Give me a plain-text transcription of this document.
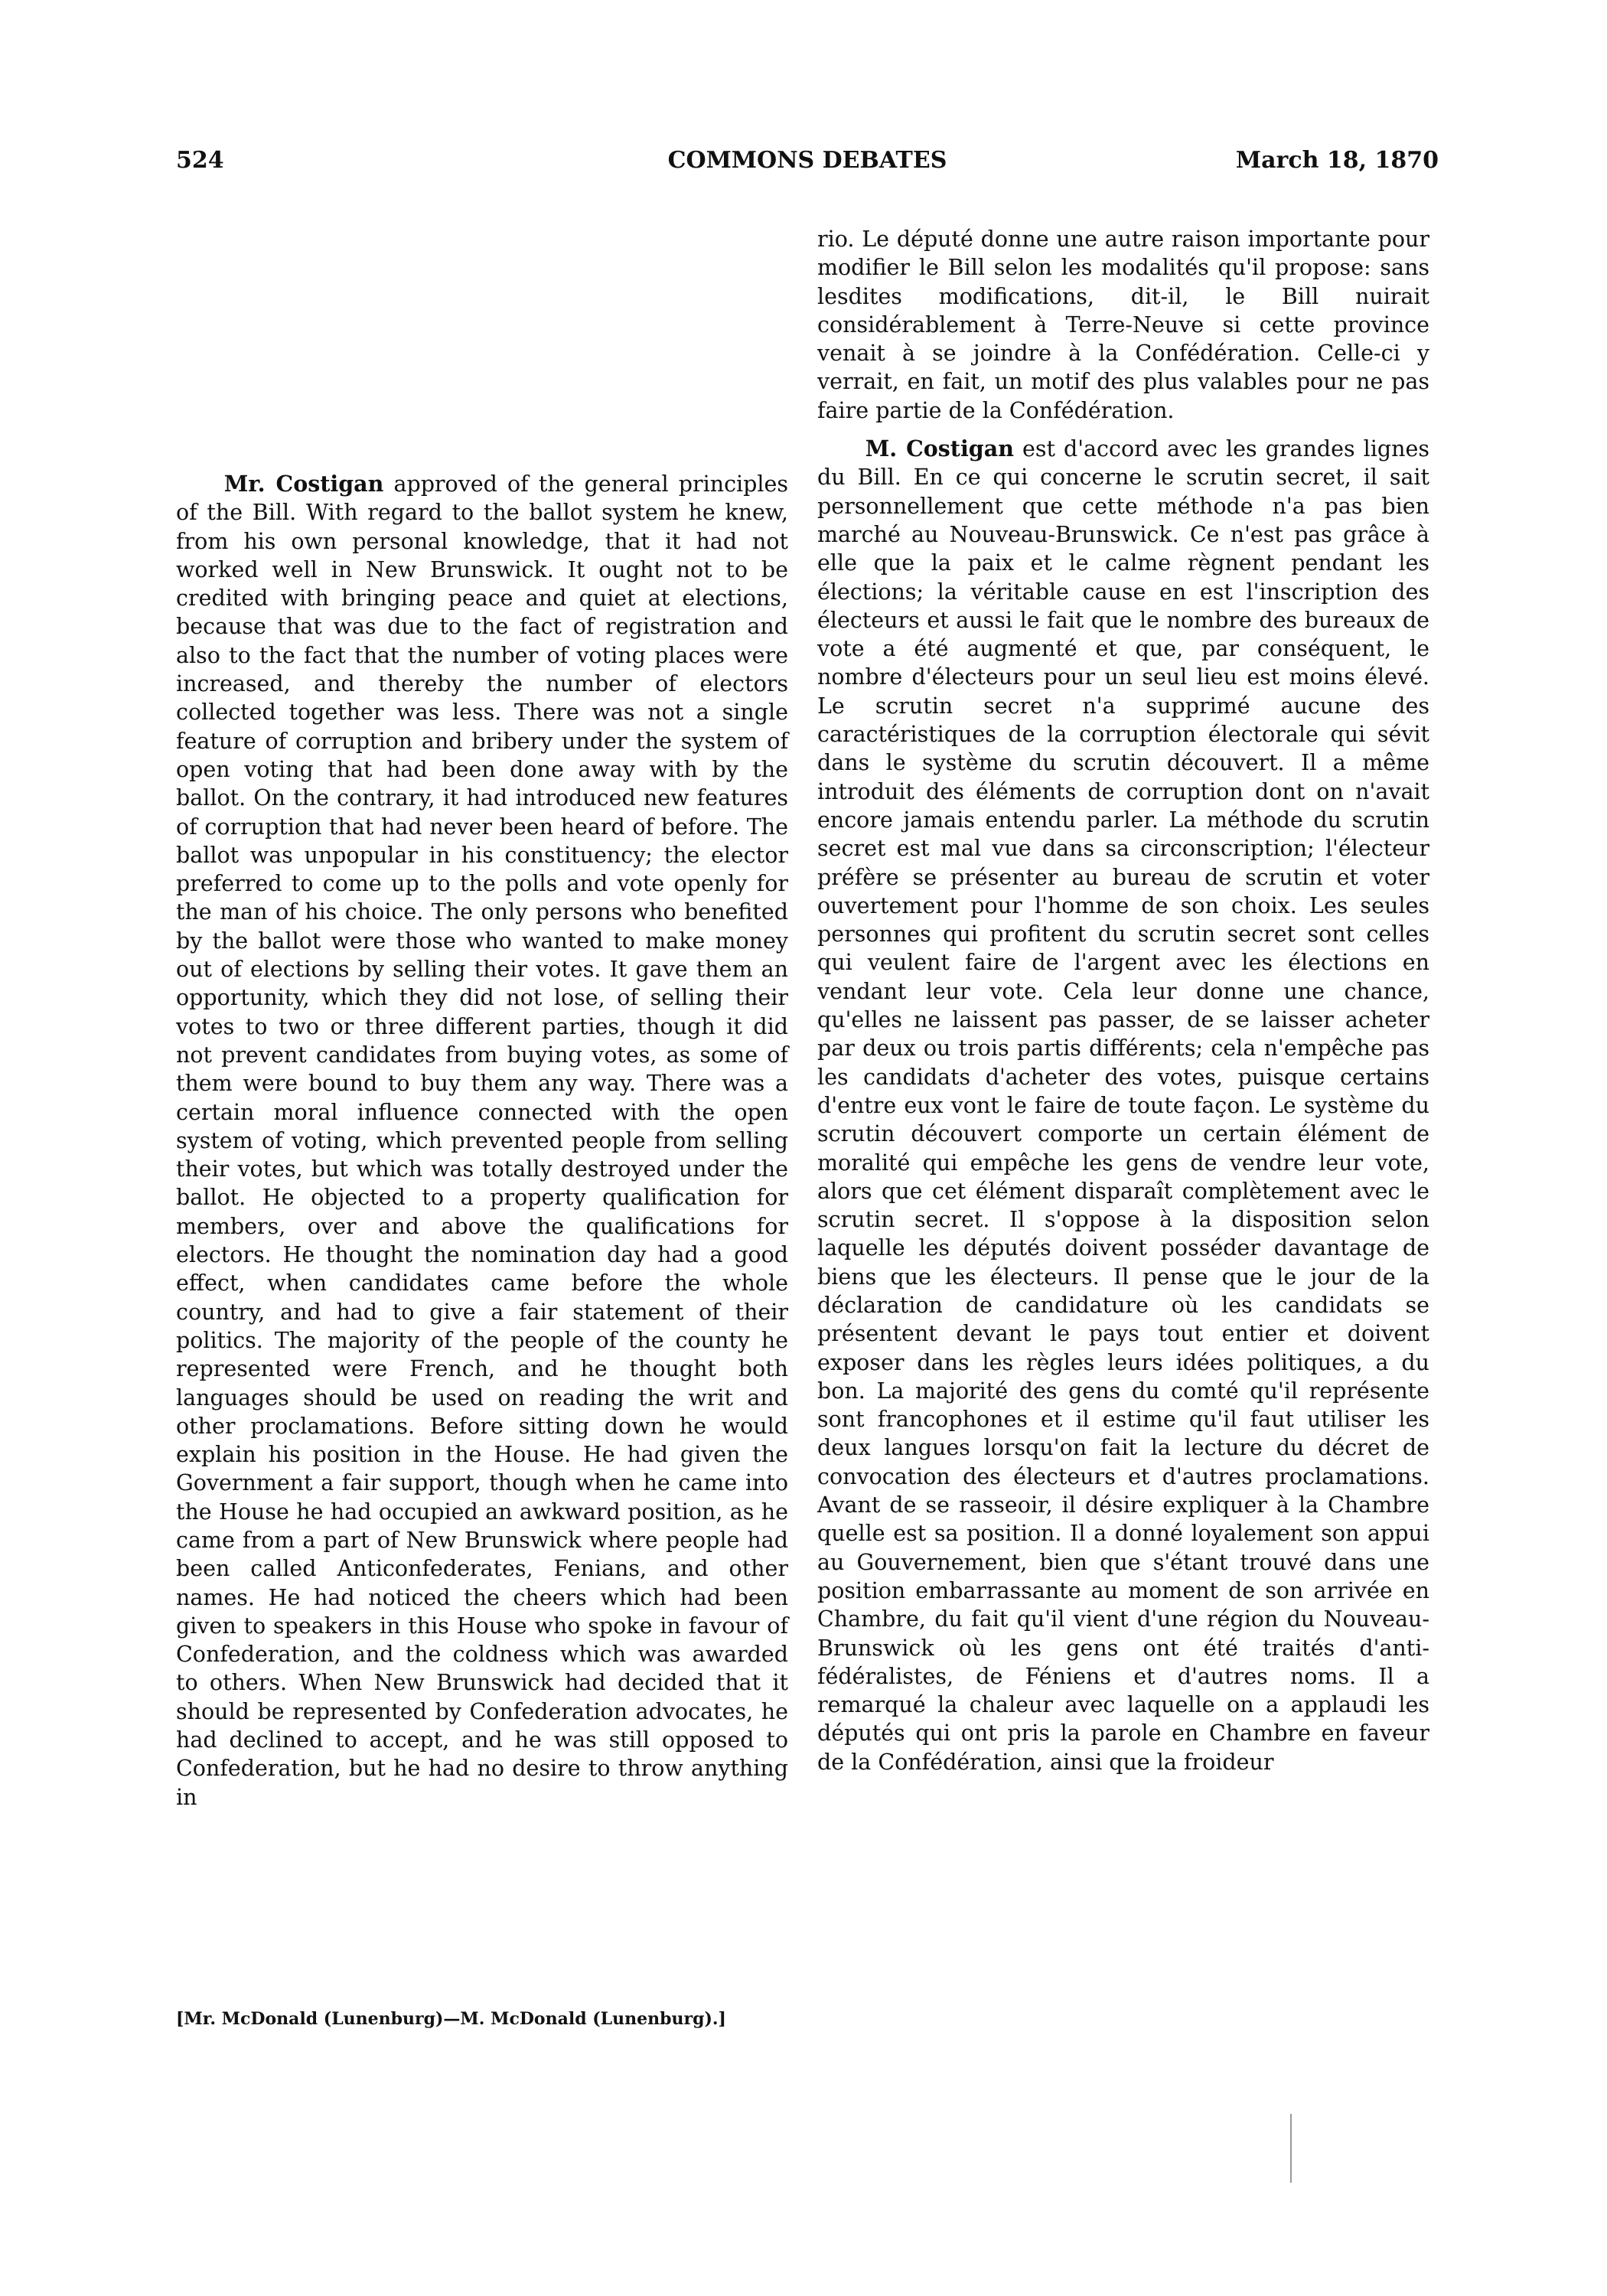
524	COMMONS DEBATES	March 18, 1870

Mr. Costigan approved of the general principles of the Bill. With regard to the ballot system he knew, from his own personal knowledge, that it had not worked well in New Brunswick. It ought not to be credited with bringing peace and quiet at elections, because that was due to the fact of registration and also to the fact that the number of voting places were increased, and thereby the number of electors collected together was less. There was not a single feature of corruption and bribery under the system of open voting that had been done away with by the ballot. On the contrary, it had introduced new features of corruption that had never been heard of before. The ballot was unpopular in his constituency; the elector preferred to come up to the polls and vote openly for the man of his choice. The only persons who benefited by the ballot were those who wanted to make money out of elections by selling their votes. It gave them an opportunity, which they did not lose, of selling their votes to two or three different parties, though it did not prevent candidates from buying votes, as some of them were bound to buy them any way. There was a certain moral influence connected with the open system of voting, which prevented people from selling their votes, but which was totally destroyed under the ballot. He objected to a property qualification for members, over and above the qualifications for electors. He thought the nomination day had a good effect, when candidates came before the whole country, and had to give a fair statement of their politics. The majority of the people of the county he represented were French, and he thought both languages should be used on reading the writ and other proclamations. Before sitting down he would explain his position in the House. He had given the Government a fair support, though when he came into the House he had occupied an awkward position, as he came from a part of New Brunswick where people had been called Anticonfederates, Fenians, and other names. He had noticed the cheers which had been given to speakers in this House who spoke in favour of Confederation, and the coldness which was awarded to others. When New Brunswick had decided that it should be represented by Confederation advocates, he had declined to accept, and he was still opposed to Confederation, but he had no desire to throw anything in

rio. Le député donne une autre raison importante pour modifier le Bill selon les modalités qu'il propose: sans lesdites modifications, dit-il, le Bill nuirait considérablement à Terre-Neuve si cette province venait à se joindre à la Confédération. Celle-ci y verrait, en fait, un motif des plus valables pour ne pas faire partie de la Confédération.

M. Costigan est d'accord avec les grandes lignes du Bill. En ce qui concerne le scrutin secret, il sait personnellement que cette méthode n'a pas bien marché au Nouveau-Brunswick. Ce n'est pas grâce à elle que la paix et le calme règnent pendant les élections; la véritable cause en est l'inscription des électeurs et aussi le fait que le nombre des bureaux de vote a été augmenté et que, par conséquent, le nombre d'électeurs pour un seul lieu est moins élevé. Le scrutin secret n'a supprimé aucune des caractéristiques de la corruption électorale qui sévit dans le système du scrutin découvert. Il a même introduit des éléments de corruption dont on n'avait encore jamais entendu parler. La méthode du scrutin secret est mal vue dans sa circonscription; l'électeur préfère se présenter au bureau de scrutin et voter ouvertement pour l'homme de son choix. Les seules personnes qui profitent du scrutin secret sont celles qui veulent faire de l'argent avec les élections en vendant leur vote. Cela leur donne une chance, qu'elles ne laissent pas passer, de se laisser acheter par deux ou trois partis différents; cela n'empêche pas les candidats d'acheter des votes, puisque certains d'entre eux vont le faire de toute façon. Le système du scrutin découvert comporte un certain élément de moralité qui empêche les gens de vendre leur vote, alors que cet élément disparaît complètement avec le scrutin secret. Il s'oppose à la disposition selon laquelle les députés doivent posséder davantage de biens que les électeurs. Il pense que le jour de la déclaration de candidature où les candidats se présentent devant le pays tout entier et doivent exposer dans les règles leurs idées politiques, a du bon. La majorité des gens du comté qu'il représente sont francophones et il estime qu'il faut utiliser les deux langues lorsqu'on fait la lecture du décret de convocation des électeurs et d'autres proclamations. Avant de se rasseoir, il désire expliquer à la Chambre quelle est sa position. Il a donné loyalement son appui au Gouvernement, bien que s'étant trouvé dans une position embarrassante au moment de son arrivée en Chambre, du fait qu'il vient d'une région du Nouveau-Brunswick où les gens ont été traités d'anti-fédéralistes, de Féniens et d'autres noms. Il a remarqué la chaleur avec laquelle on a applaudi les députés qui ont pris la parole en Chambre en faveur de la Confédération, ainsi que la froideur

[Mr. McDonald (Lunenburg)—M. McDonald (Lunenburg).]
